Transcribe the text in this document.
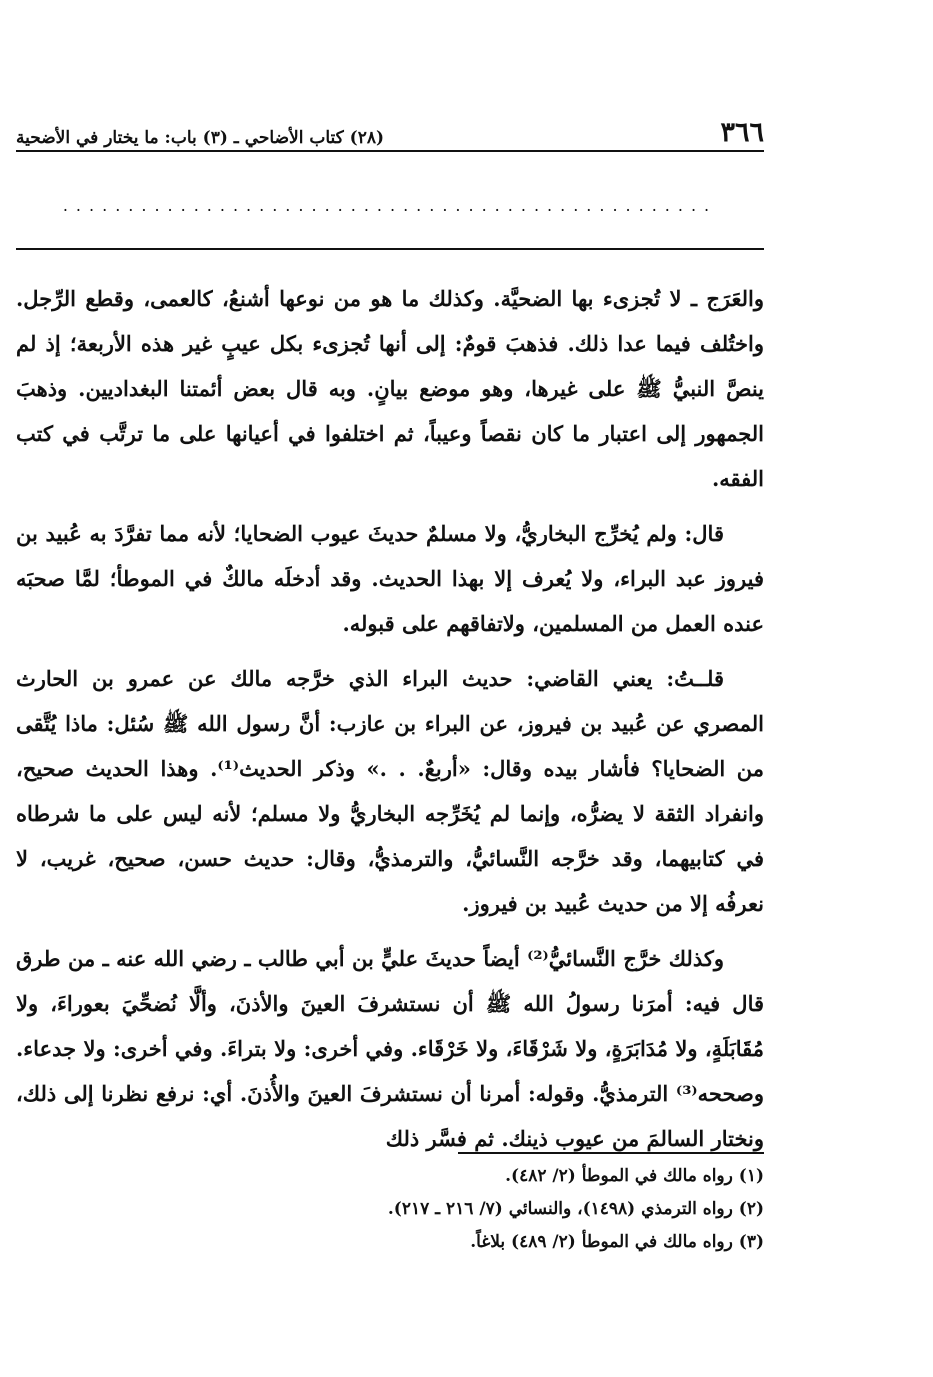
٣٦٦
(٢٨) كتاب الأضاحي ـ (٣) باب: ما يختار في الأضحية
..................................................

والعَرَج ـ لا تُجزىء بها الضحيَّة. وكذلك ما هو من نوعها أشنعُ، كالعمى، وقطع الرِّجل. واختُلف فيما عدا ذلك. فذهبَ قومٌ: إلى أنها تُجزىء بكل عيبٍ غير هذه الأربعة؛ إذ لم ينصَّ النبيُّ ﷺ على غيرها، وهو موضع بيانٍ. وبه قال بعض أئمتنا البغداديين. وذهبَ الجمهور إلى اعتبار ما كان نقصاً وعيباً، ثم اختلفوا في أعيانها على ما ترتَّب في كتب الفقه.

قال: ولم يُخرِّج البخاريُّ، ولا مسلمٌ حديثَ عيوب الضحايا؛ لأنه مما تفرَّدَ به عُبيد بن فيروز عبد البراء، ولا يُعرف إلا بهذا الحديث. وقد أدخلَه مالكٌ في الموطأ؛ لمَّا صحبَه عنده العمل من المسلمين، ولاتفاقهم على قبوله.

قلــتُ: يعني القاضي: حديث البراء الذي خرَّجه مالك عن عمرو بن الحارث المصري عن عُبيد بن فيروز، عن البراء بن عازب: أنَّ رسول الله ﷺ سُئل: ماذا يُتَّقى من الضحايا؟ فأشار بيده وقال: «أربعٌ. . .» وذكر الحديث⁽¹⁾. وهذا الحديث صحيح، وانفراد الثقة لا يضرُّه، وإنما لم يُخَرِّجه البخاريُّ ولا مسلم؛ لأنه ليس على ما شرطاه في كتابيهما، وقد خرَّجه النَّسائيُّ، والترمذيُّ، وقال: حديث حسن، صحيح، غريب، لا نعرفُه إلا من حديث عُبيد بن فيروز.

وكذلك خرَّج النَّسائيُّ⁽²⁾ أيضاً حديثَ عليٍّ بن أبي طالب ـ رضي الله عنه ـ من طرق قال فيه: أمرَنا رسولُ الله ﷺ أن نستشرفَ العينَ والأذنَ، وألَّا نُضحِّيَ بعوراءَ، ولا مُقَابَلَةٍ، ولا مُدَابَرَةٍ، ولا شَرْقَاءَ، ولا خَرْقَاء. وفي أخرى: ولا بتراءَ. وفي أخرى: ولا جدعاء. وصححه⁽³⁾ الترمذيُّ. وقوله: أمرنا أن نستشرفَ العينَ والأُذنَ. أي: نرفع نظرنا إلى ذلك، ونختار السالمَ من عيوب ذينك. ثم فسَّر ذلك

(١) رواه مالك في الموطأ (٢/ ٤٨٢).
(٢) رواه الترمذي (١٤٩٨)، والنسائي (٧/ ٢١٦ ـ ٢١٧).
(٣) رواه مالك في الموطأ (٢/ ٤٨٩) بلاغاً.
